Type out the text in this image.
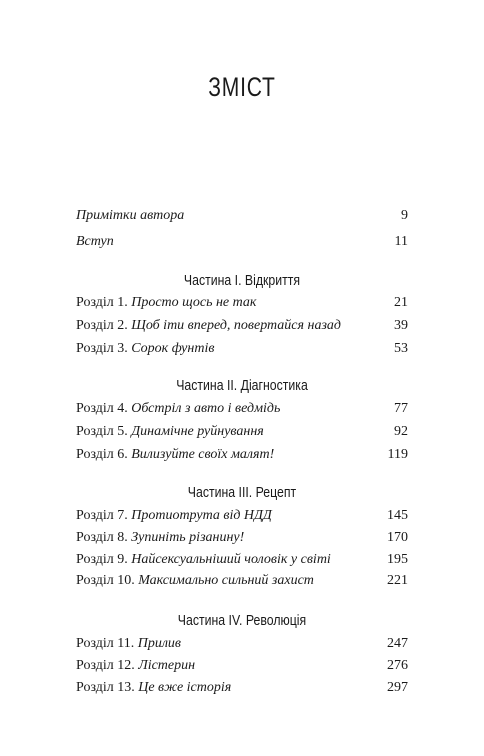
ЗМІСТ
Примітки автора	9
Вступ	11
Частина I. Відкриття
Розділ 1. Просто щось не так	21
Розділ 2. Щоб іти вперед, повертайся назад	39
Розділ 3. Сорок фунтів	53
Частина II. Діагностика
Розділ 4. Обстріл з авто і ведмідь	77
Розділ 5. Динамічне руйнування	92
Розділ 6. Вилизуйте своїх малят!	119
Частина III. Рецепт
Розділ 7. Протиотрута від НДД	145
Розділ 8. Зупиніть різанину!	170
Розділ 9. Найсексуальніший чоловік у світі	195
Розділ 10. Максимально сильний захист	221
Частина IV. Революція
Розділ 11. Прилив	247
Розділ 12. Лістерин	276
Розділ 13. Це вже історія	297
